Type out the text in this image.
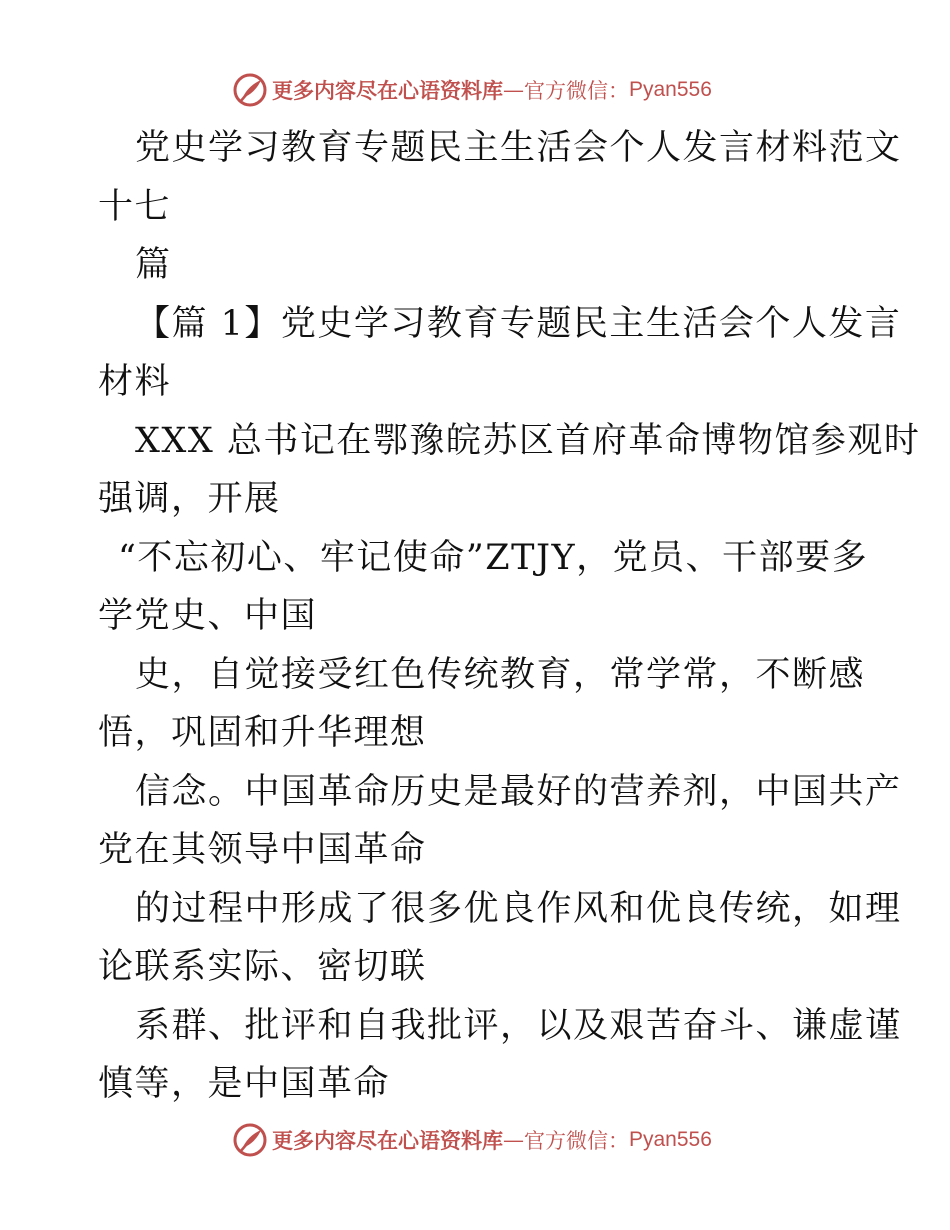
更多内容尽在心语资料库 — 官方微信： Pyan556
党史学习教育专题民主生活会个人发言材料范文
十七
篇
【篇 1】党史学习教育专题民主生活会个人发言
材料
XXX 总书记在鄂豫皖苏区首府革命博物馆参观时
强调，开展
“不忘初心、牢记使命”ZTJY，党员、干部要多
学党史、中国
史，自觉接受红色传统教育，常学常，不断感
悟，巩固和升华理想
信念。中国革命历史是最好的营养剂，中国共产
党在其领导中国革命
的过程中形成了很多优良作风和优良传统，如理
论联系实际、密切联
系群、批评和自我批评，以及艰苦奋斗、谦虚谨
慎等，是中国革命
更多内容尽在心语资料库 — 官方微信： Pyan556
